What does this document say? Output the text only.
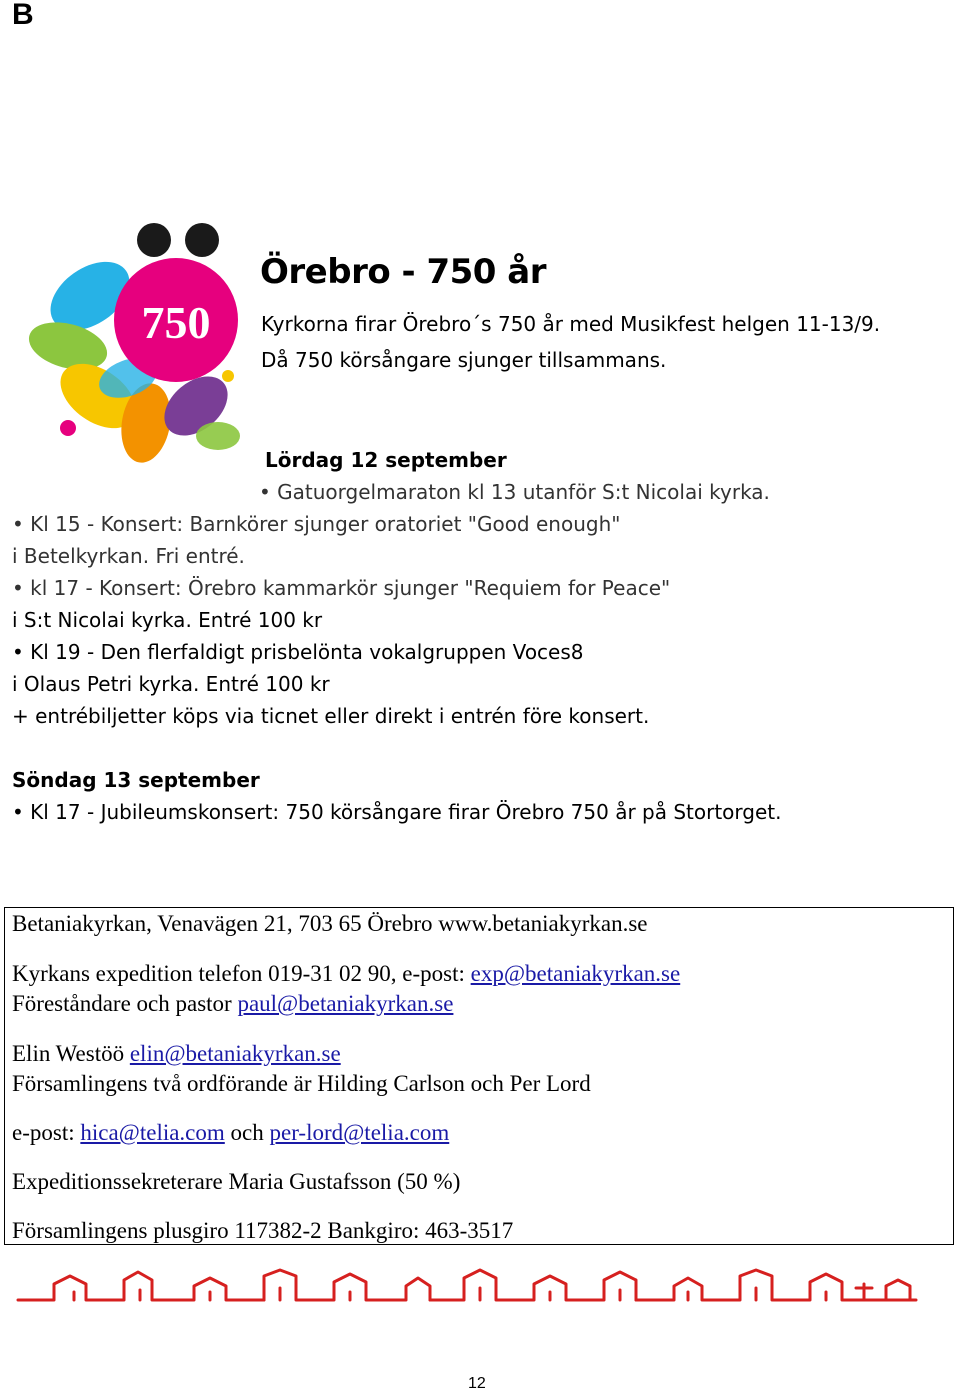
B
750
Örebro - 750 år
Kyrkorna firar Örebro´s 750 år med Musikfest helgen 11-13/9.
Då 750 körsångare sjunger tillsammans.
Lördag 12 september
• Gatuorgelmaraton kl 13 utanför S:t Nicolai kyrka.
• Kl 15 - Konsert: Barnkörer sjunger oratoriet "Good enough"
i Betelkyrkan. Fri entré.
• kl 17 - Konsert: Örebro kammarkör sjunger "Requiem for Peace"
i S:t Nicolai kyrka. Entré 100 kr
• Kl 19 - Den flerfaldigt prisbelönta vokalgruppen Voces8
i Olaus Petri kyrka. Entré 100 kr
+ entrébiljetter köps via ticnet eller direkt i entrén före konsert.
Söndag 13 september
• Kl 17 - Jubileumskonsert: 750 körsångare firar Örebro 750 år på Stortorget.
Betaniakyrkan, Venavägen 21, 703 65 Örebro www.betaniakyrkan.se
Kyrkans expedition telefon 019-31 02 90, e-post: exp@betaniakyrkan.se
Föreståndare och pastor paul@betaniakyrkan.se
Elin Westöö elin@betaniakyrkan.se
Församlingens två ordförande är Hilding Carlson och Per Lord
e-post: hica@telia.com och per-lord@telia.com
Expeditionssekreterare Maria Gustafsson (50 %)
Församlingens plusgiro 117382-2 Bankgiro: 463-3517
12
